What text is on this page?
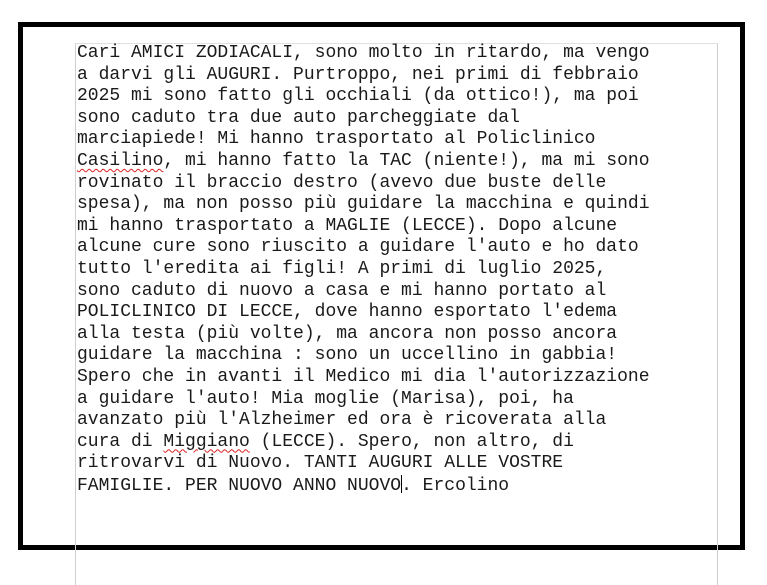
Cari AMICI ZODIACALI, sono molto in ritardo, ma vengo
a darvi gli AUGURI. Purtroppo, nei primi di febbraio
2025 mi sono fatto gli occhiali (da ottico!), ma poi
sono caduto tra due auto parcheggiate dal
marciapiede! Mi hanno trasportato al Policlinico
Casilino, mi hanno fatto la TAC (niente!), ma mi sono
rovinato il braccio destro (avevo due buste delle
spesa), ma non posso più guidare la macchina e quindi
mi hanno trasportato a MAGLIE (LECCE). Dopo alcune
alcune cure sono riuscito a guidare l'auto e ho dato
tutto l'eredita ai figli! A primi di luglio 2025,
sono caduto di nuovo a casa e mi hanno portato al
POLICLINICO DI LECCE, dove hanno esportato l'edema
alla testa (più volte), ma ancora non posso ancora
guidare la macchina : sono un uccellino in gabbia!
Spero che in avanti il Medico mi dia l'autorizzazione
a guidare l'auto! Mia moglie (Marisa), poi, ha
avanzato più l'Alzheimer ed ora è ricoverata alla
cura di Miggiano (LECCE). Spero, non altro, di
ritrovarvi di Nuovo. TANTI AUGURI ALLE VOSTRE
FAMIGLIE. PER NUOVO ANNO NUOVO. Ercolino
